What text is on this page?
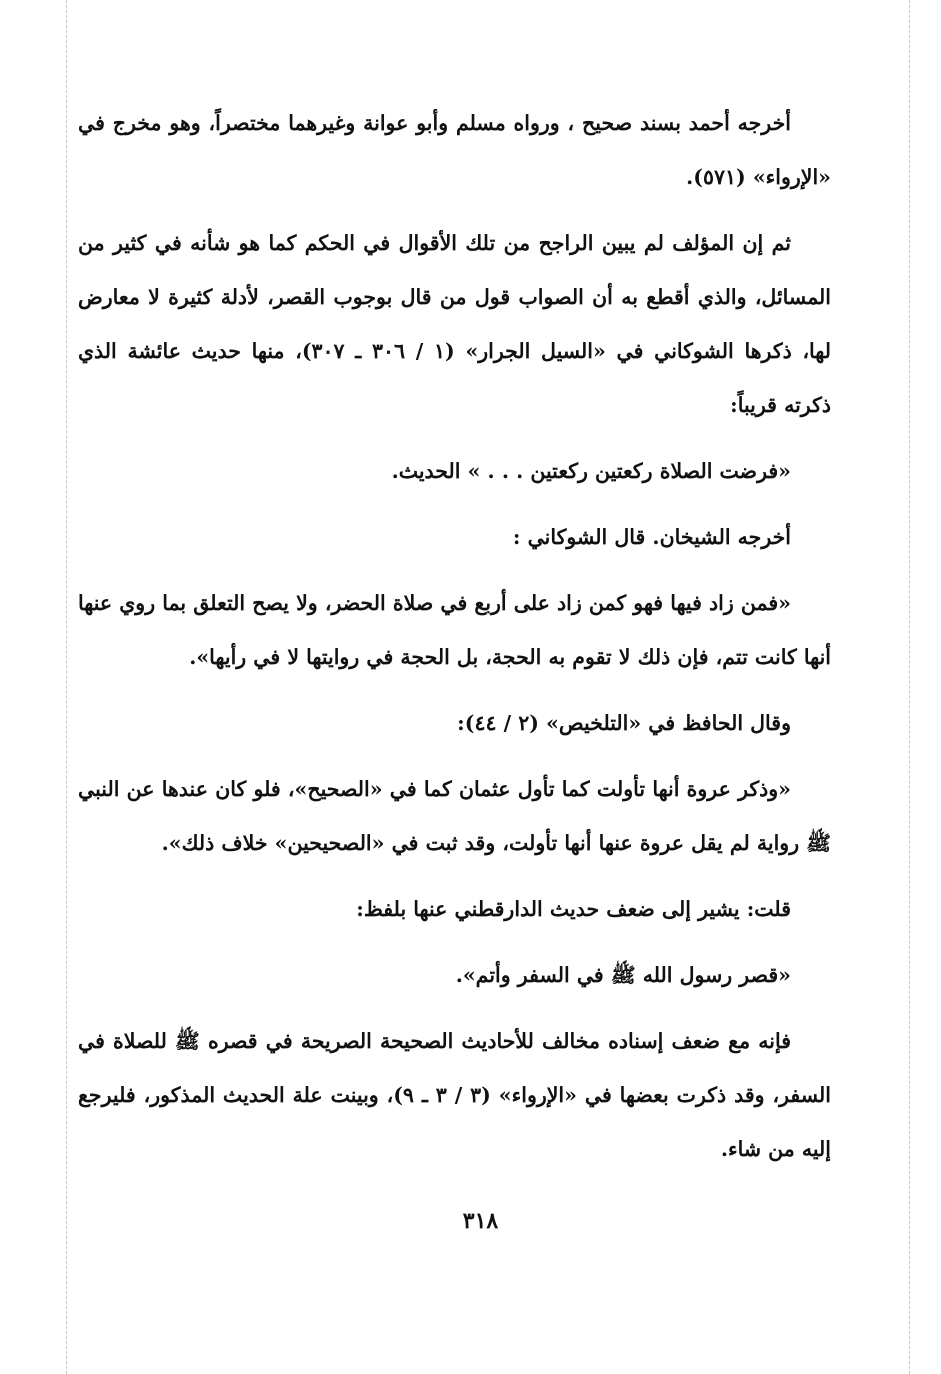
أخرجه أحمد بسند صحيح ، ورواه مسلم وأبو عوانة وغيرهما مختصراً، وهو مخرج في «الإرواء» (٥٧١).

ثم إن المؤلف لم يبين الراجح من تلك الأقوال في الحكم كما هو شأنه في كثير من المسائل، والذي أقطع به أن الصواب قول من قال بوجوب القصر، لأدلة كثيرة لا معارض لها، ذكرها الشوكاني في «السيل الجرار» (١ / ٣٠٦ ـ ٣٠٧)، منها حديث عائشة الذي ذكرته قريباً:

«فرضت الصلاة ركعتين ركعتين . . . » الحديث.

أخرجه الشيخان. قال الشوكاني :

«فمن زاد فيها فهو كمن زاد على أربع في صلاة الحضر، ولا يصح التعلق بما روي عنها أنها كانت تتم، فإن ذلك لا تقوم به الحجة، بل الحجة في روايتها لا في رأيها».

وقال الحافظ في «التلخيص» (٢ / ٤٤):

«وذكر عروة أنها تأولت كما تأول عثمان كما في «الصحيح»، فلو كان عندها عن النبي ﷺ رواية لم يقل عروة عنها أنها تأولت، وقد ثبت في «الصحيحين» خلاف ذلك».

قلت: يشير إلى ضعف حديث الدارقطني عنها بلفظ:

«قصر رسول الله ﷺ في السفر وأتم».

فإنه مع ضعف إسناده مخالف للأحاديث الصحيحة الصريحة في قصره ﷺ للصلاة في السفر، وقد ذكرت بعضها في «الإرواء» (٣ / ٣ ـ ٩)، وبينت علة الحديث المذكور، فليرجع إليه من شاء.

٣١٨
